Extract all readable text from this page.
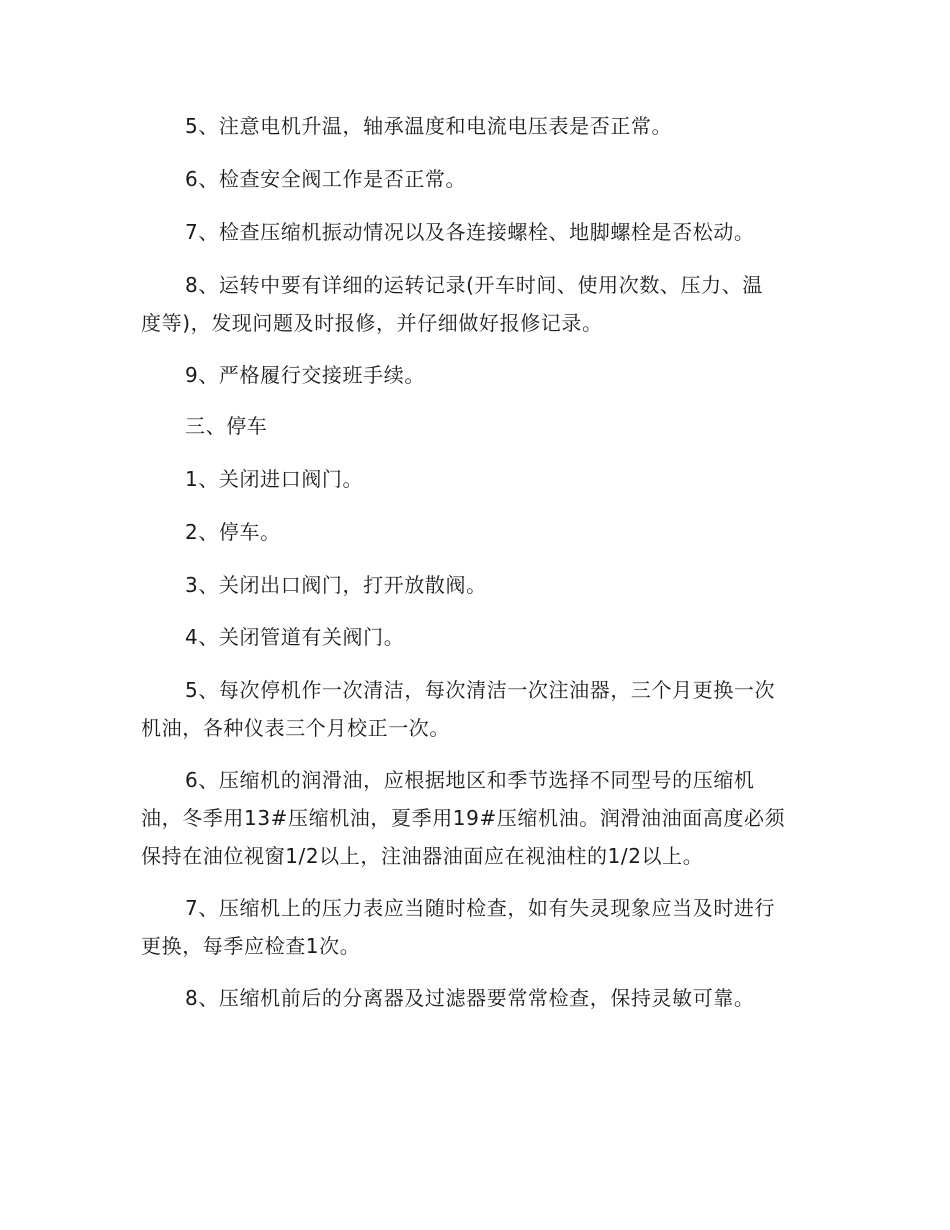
5、注意电机升温，轴承温度和电流电压表是否正常。
6、检查安全阀工作是否正常。
7、检查压缩机振动情况以及各连接螺栓、地脚螺栓是否松动。
8、运转中要有详细的运转记录(开车时间、使用次数、压力、温
度等)，发现问题及时报修，并仔细做好报修记录。
9、严格履行交接班手续。
三、停车
1、关闭进口阀门。
2、停车。
3、关闭出口阀门，打开放散阀。
4、关闭管道有关阀门。
5、每次停机作一次清洁，每次清洁一次注油器，三个月更换一次
机油，各种仪表三个月校正一次。
6、压缩机的润滑油，应根据地区和季节选择不同型号的压缩机
油，冬季用13#压缩机油，夏季用19#压缩机油。润滑油油面高度必须
保持在油位视窗1/2以上，注油器油面应在视油柱的1/2以上。
7、压缩机上的压力表应当随时检查，如有失灵现象应当及时进行
更换，每季应检查1次。
8、压缩机前后的分离器及过滤器要常常检查，保持灵敏可靠。
